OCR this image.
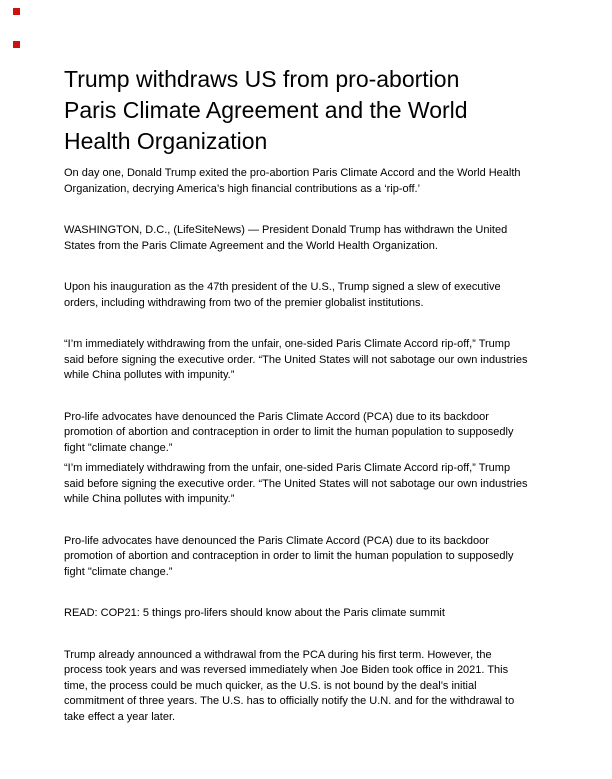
Trump withdraws US from pro-abortion Paris Climate Agreement and the World Health Organization

On day one, Donald Trump exited the pro-abortion Paris Climate Accord and the World Health Organization, decrying America’s high financial contributions as a ‘rip-off.’

WASHINGTON, D.C., (LifeSiteNews) — President Donald Trump has withdrawn the United States from the Paris Climate Agreement and the World Health Organization.

Upon his inauguration as the 47th president of the U.S., Trump signed a slew of executive orders, including withdrawing from two of the premier globalist institutions.

“I’m immediately withdrawing from the unfair, one-sided Paris Climate Accord rip-off,” Trump said before signing the executive order. “The United States will not sabotage our own industries while China pollutes with impunity.”

Pro-life advocates have denounced the Paris Climate Accord (PCA) due to its backdoor promotion of abortion and contraception in order to limit the human population to supposedly fight "climate change.”

“I’m immediately withdrawing from the unfair, one-sided Paris Climate Accord rip-off,” Trump said before signing the executive order. “The United States will not sabotage our own industries while China pollutes with impunity.”

Pro-life advocates have denounced the Paris Climate Accord (PCA) due to its backdoor promotion of abortion and contraception in order to limit the human population to supposedly fight "climate change.”

READ: COP21: 5 things pro-lifers should know about the Paris climate summit

Trump already announced a withdrawal from the PCA during his first term. However, the process took years and was reversed immediately when Joe Biden took office in 2021. This time, the process could be much quicker, as the U.S. is not bound by the deal’s initial commitment of three years. The U.S. has to officially notify the U.N. and for the withdrawal to take effect a year later.
